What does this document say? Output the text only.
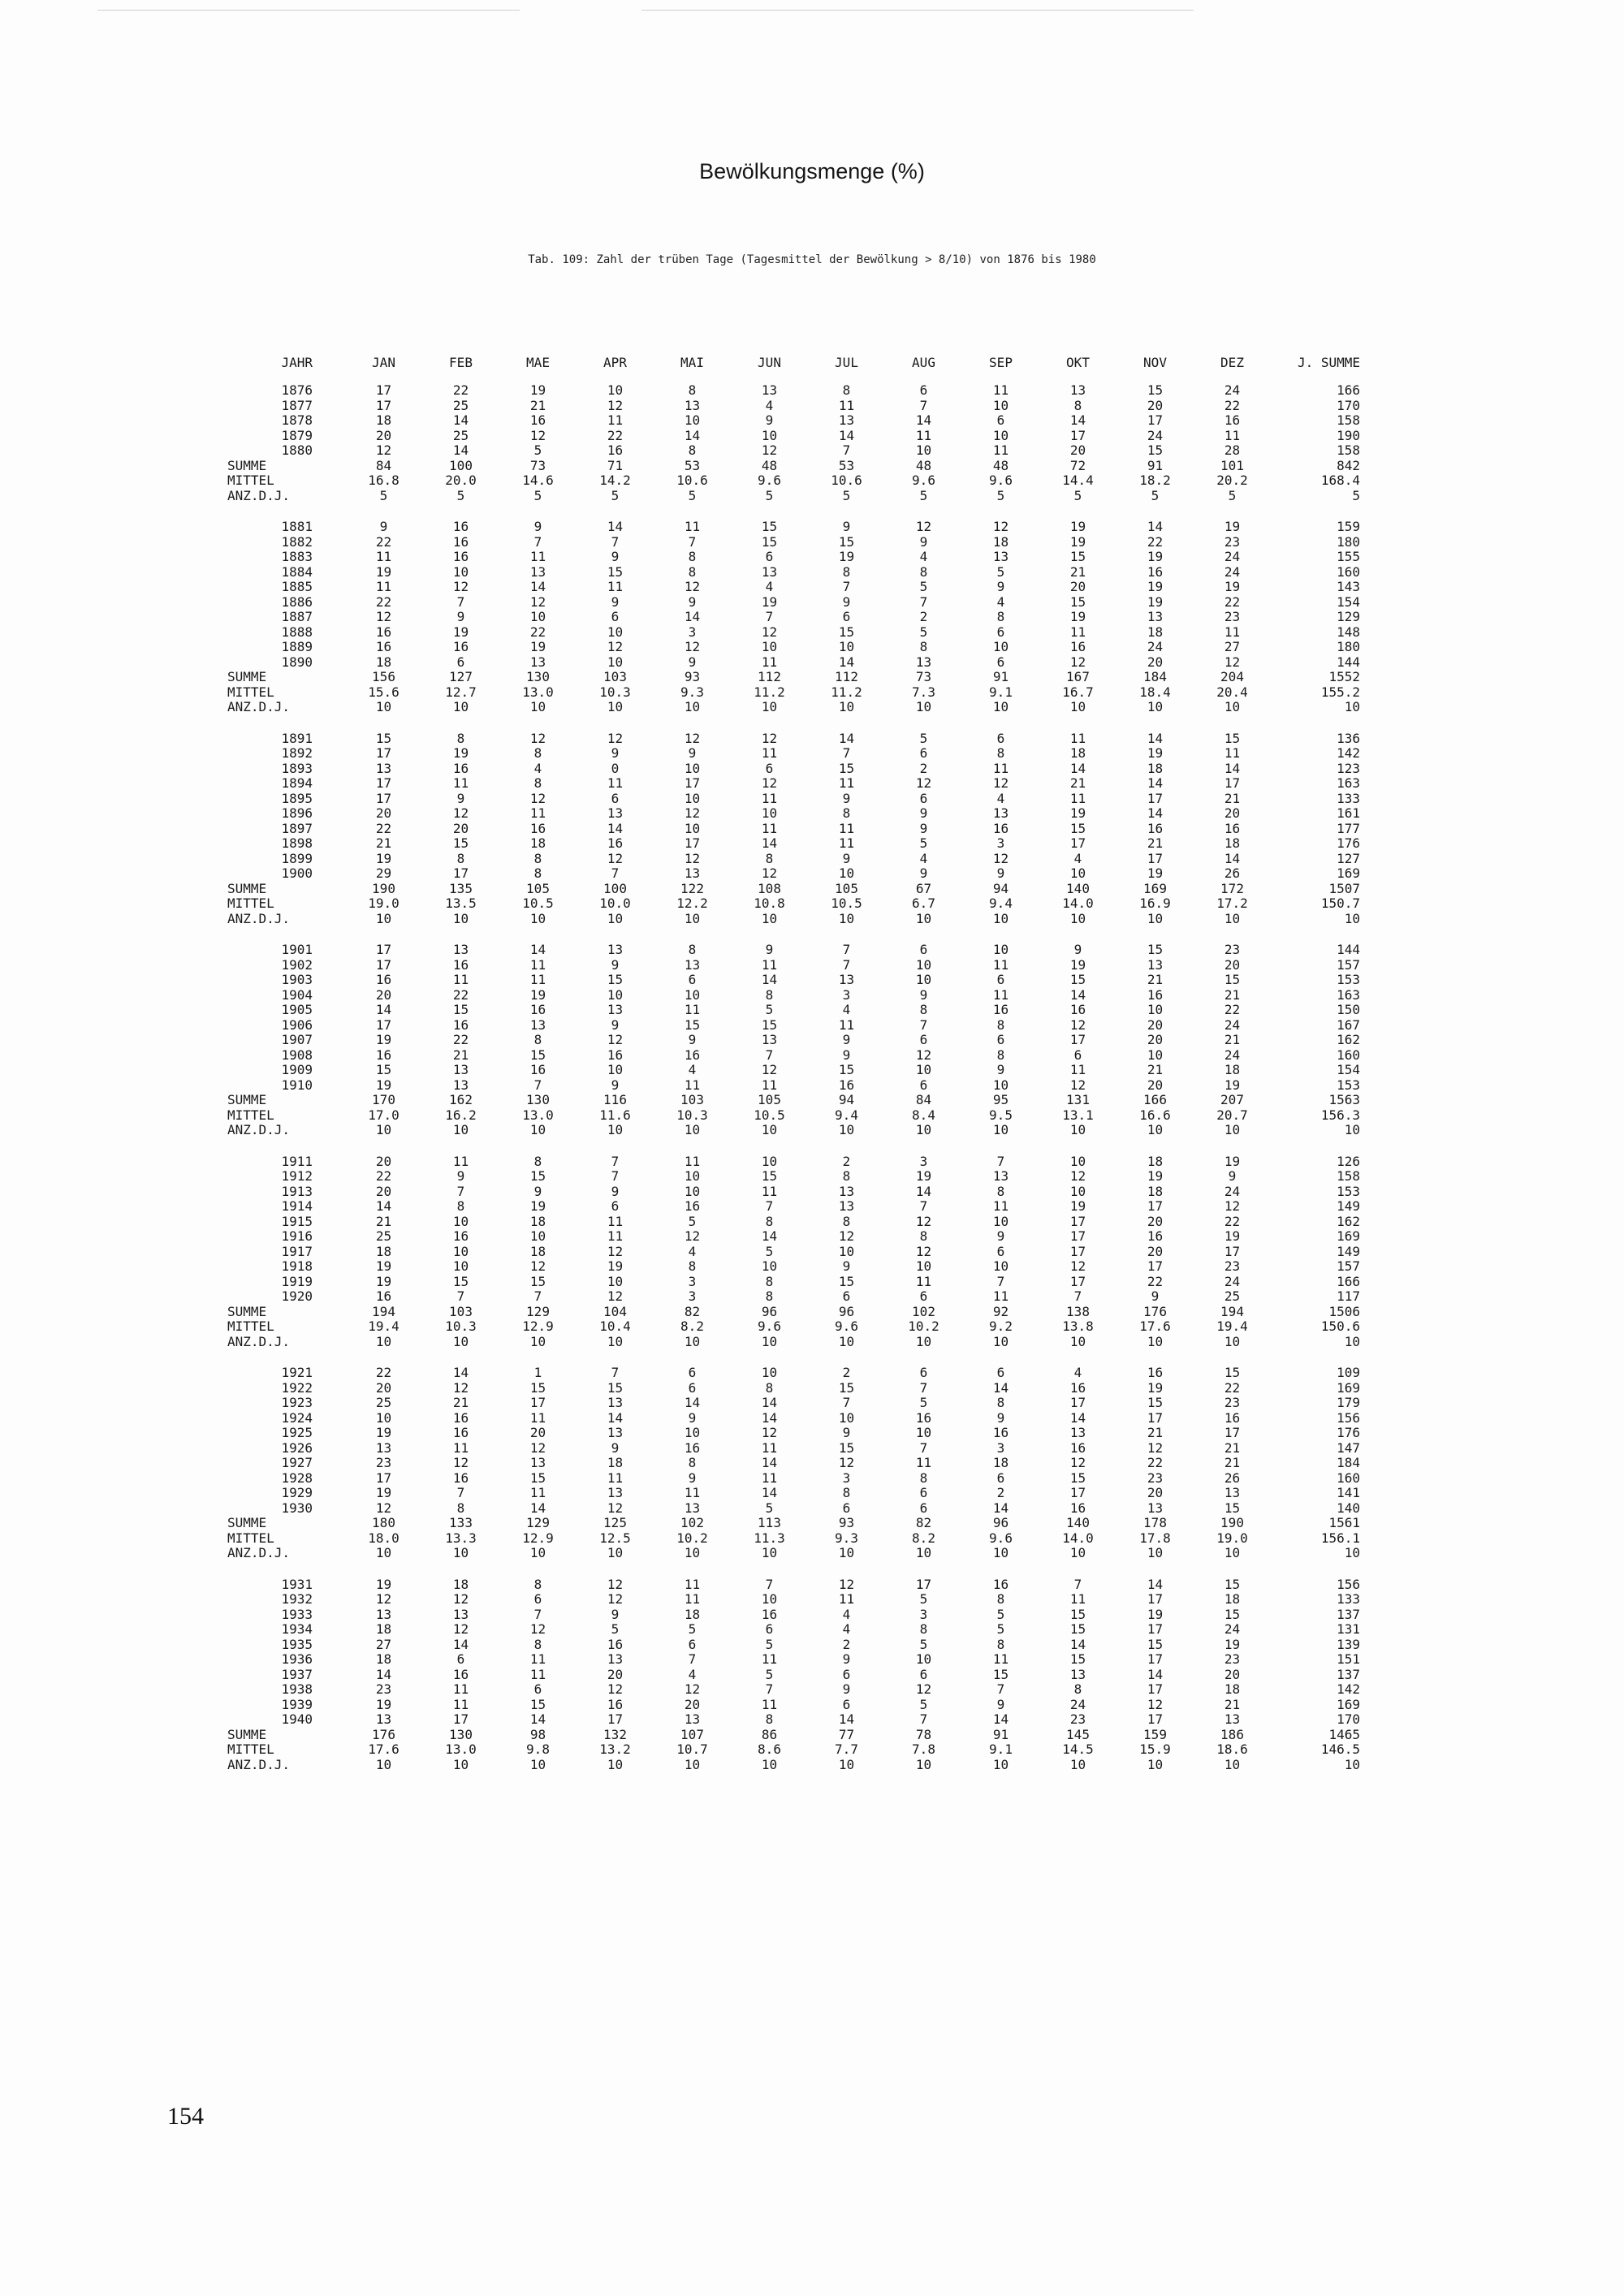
Bewölkungsmenge (%)
Tab. 109: Zahl der trüben Tage (Tagesmittel der Bewölkung > 8/10) von 1876 bis 1980
JAHR	JAN	FEB	MAE	APR	MAI	JUN	JUL	AUG	SEP	OKT	NOV	DEZ	J. SUMME
1876	17	22	19	10	8	13	8	6	11	13	15	24	166
1877	17	25	21	12	13	4	11	7	10	8	20	22	170
1878	18	14	16	11	10	9	13	14	6	14	17	16	158
1879	20	25	12	22	14	10	14	11	10	17	24	11	190
1880	12	14	5	16	8	12	7	10	11	20	15	28	158
SUMME	84	100	73	71	53	48	53	48	48	72	91	101	842
MITTEL	16.8	20.0	14.6	14.2	10.6	9.6	10.6	9.6	9.6	14.4	18.2	20.2	168.4
ANZ.D.J.	5	5	5	5	5	5	5	5	5	5	5	5	5
1881	9	16	9	14	11	15	9	12	12	19	14	19	159
1882	22	16	7	7	7	15	15	9	18	19	22	23	180
1883	11	16	11	9	8	6	19	4	13	15	19	24	155
1884	19	10	13	15	8	13	8	8	5	21	16	24	160
1885	11	12	14	11	12	4	7	5	9	20	19	19	143
1886	22	7	12	9	9	19	9	7	4	15	19	22	154
1887	12	9	10	6	14	7	6	2	8	19	13	23	129
1888	16	19	22	10	3	12	15	5	6	11	18	11	148
1889	16	16	19	12	12	10	10	8	10	16	24	27	180
1890	18	6	13	10	9	11	14	13	6	12	20	12	144
SUMME	156	127	130	103	93	112	112	73	91	167	184	204	1552
MITTEL	15.6	12.7	13.0	10.3	9.3	11.2	11.2	7.3	9.1	16.7	18.4	20.4	155.2
ANZ.D.J.	10	10	10	10	10	10	10	10	10	10	10	10	10
1891	15	8	12	12	12	12	14	5	6	11	14	15	136
1892	17	19	8	9	9	11	7	6	8	18	19	11	142
1893	13	16	4	0	10	6	15	2	11	14	18	14	123
1894	17	11	8	11	17	12	11	12	12	21	14	17	163
1895	17	9	12	6	10	11	9	6	4	11	17	21	133
1896	20	12	11	13	12	10	8	9	13	19	14	20	161
1897	22	20	16	14	10	11	11	9	16	15	16	16	177
1898	21	15	18	16	17	14	11	5	3	17	21	18	176
1899	19	8	8	12	12	8	9	4	12	4	17	14	127
1900	29	17	8	7	13	12	10	9	9	10	19	26	169
SUMME	190	135	105	100	122	108	105	67	94	140	169	172	1507
MITTEL	19.0	13.5	10.5	10.0	12.2	10.8	10.5	6.7	9.4	14.0	16.9	17.2	150.7
ANZ.D.J.	10	10	10	10	10	10	10	10	10	10	10	10	10
1901	17	13	14	13	8	9	7	6	10	9	15	23	144
1902	17	16	11	9	13	11	7	10	11	19	13	20	157
1903	16	11	11	15	6	14	13	10	6	15	21	15	153
1904	20	22	19	10	10	8	3	9	11	14	16	21	163
1905	14	15	16	13	11	5	4	8	16	16	10	22	150
1906	17	16	13	9	15	15	11	7	8	12	20	24	167
1907	19	22	8	12	9	13	9	6	6	17	20	21	162
1908	16	21	15	16	16	7	9	12	8	6	10	24	160
1909	15	13	16	10	4	12	15	10	9	11	21	18	154
1910	19	13	7	9	11	11	16	6	10	12	20	19	153
SUMME	170	162	130	116	103	105	94	84	95	131	166	207	1563
MITTEL	17.0	16.2	13.0	11.6	10.3	10.5	9.4	8.4	9.5	13.1	16.6	20.7	156.3
ANZ.D.J.	10	10	10	10	10	10	10	10	10	10	10	10	10
1911	20	11	8	7	11	10	2	3	7	10	18	19	126
1912	22	9	15	7	10	15	8	19	13	12	19	9	158
1913	20	7	9	9	10	11	13	14	8	10	18	24	153
1914	14	8	19	6	16	7	13	7	11	19	17	12	149
1915	21	10	18	11	5	8	8	12	10	17	20	22	162
1916	25	16	10	11	12	14	12	8	9	17	16	19	169
1917	18	10	18	12	4	5	10	12	6	17	20	17	149
1918	19	10	12	19	8	10	9	10	10	12	17	23	157
1919	19	15	15	10	3	8	15	11	7	17	22	24	166
1920	16	7	7	12	3	8	6	6	11	7	9	25	117
SUMME	194	103	129	104	82	96	96	102	92	138	176	194	1506
MITTEL	19.4	10.3	12.9	10.4	8.2	9.6	9.6	10.2	9.2	13.8	17.6	19.4	150.6
ANZ.D.J.	10	10	10	10	10	10	10	10	10	10	10	10	10
1921	22	14	1	7	6	10	2	6	6	4	16	15	109
1922	20	12	15	15	6	8	15	7	14	16	19	22	169
1923	25	21	17	13	14	14	7	5	8	17	15	23	179
1924	10	16	11	14	9	14	10	16	9	14	17	16	156
1925	19	16	20	13	10	12	9	10	16	13	21	17	176
1926	13	11	12	9	16	11	15	7	3	16	12	21	147
1927	23	12	13	18	8	14	12	11	18	12	22	21	184
1928	17	16	15	11	9	11	3	8	6	15	23	26	160
1929	19	7	11	13	11	14	8	6	2	17	20	13	141
1930	12	8	14	12	13	5	6	6	14	16	13	15	140
SUMME	180	133	129	125	102	113	93	82	96	140	178	190	1561
MITTEL	18.0	13.3	12.9	12.5	10.2	11.3	9.3	8.2	9.6	14.0	17.8	19.0	156.1
ANZ.D.J.	10	10	10	10	10	10	10	10	10	10	10	10	10
1931	19	18	8	12	11	7	12	17	16	7	14	15	156
1932	12	12	6	12	11	10	11	5	8	11	17	18	133
1933	13	13	7	9	18	16	4	3	5	15	19	15	137
1934	18	12	12	5	5	6	4	8	5	15	17	24	131
1935	27	14	8	16	6	5	2	5	8	14	15	19	139
1936	18	6	11	13	7	11	9	10	11	15	17	23	151
1937	14	16	11	20	4	5	6	6	15	13	14	20	137
1938	23	11	6	12	12	7	9	12	7	8	17	18	142
1939	19	11	15	16	20	11	6	5	9	24	12	21	169
1940	13	17	14	17	13	8	14	7	14	23	17	13	170
SUMME	176	130	98	132	107	86	77	78	91	145	159	186	1465
MITTEL	17.6	13.0	9.8	13.2	10.7	8.6	7.7	7.8	9.1	14.5	15.9	18.6	146.5
ANZ.D.J.	10	10	10	10	10	10	10	10	10	10	10	10	10
154
